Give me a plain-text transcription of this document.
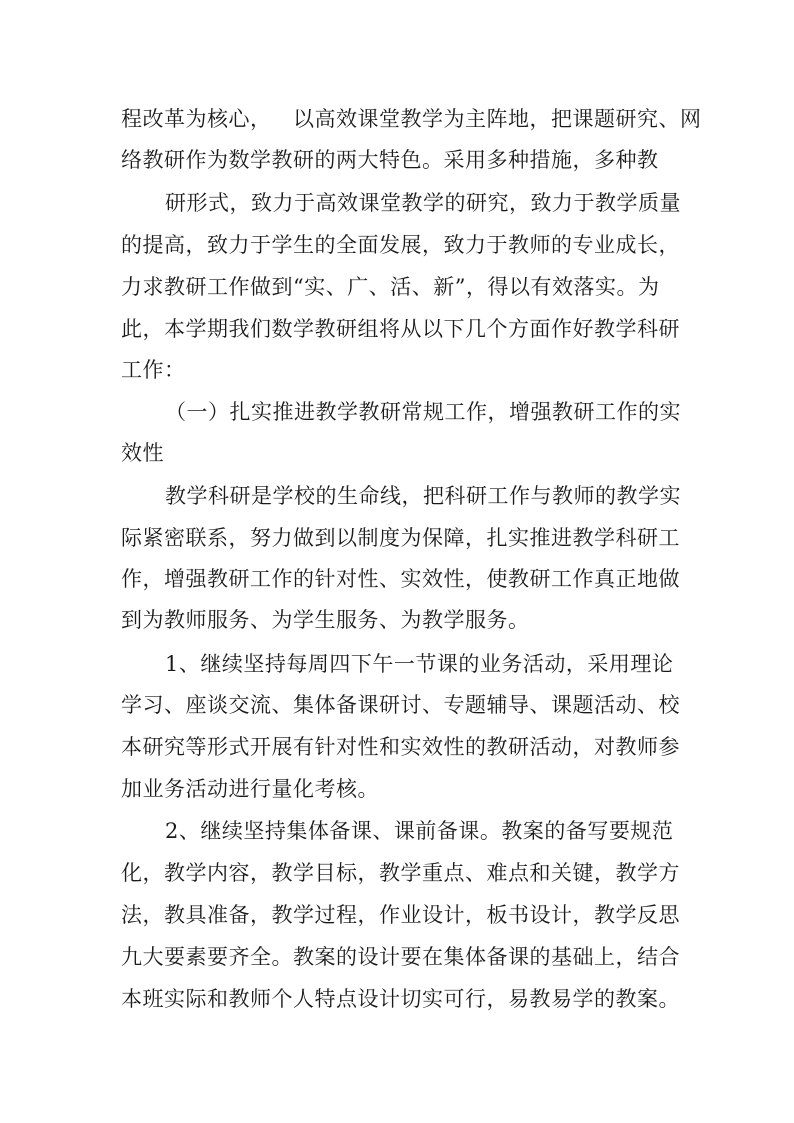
程改革为核心，   以高效课堂教学为主阵地，把课题研究、网
络教研作为数学教研的两大特色。采用多种措施，多种教
研形式，致力于高效课堂教学的研究，致力于教学质量
的提高，致力于学生的全面发展，致力于教师的专业成长，
力求教研工作做到“实、广、活、新”，得以有效落实。为
此，本学期我们数学教研组将从以下几个方面作好教学科研
工作：
（一）扎实推进教学教研常规工作，增强教研工作的实
效性
教学科研是学校的生命线，把科研工作与教师的教学实
际紧密联系，努力做到以制度为保障，扎实推进教学科研工
作，增强教研工作的针对性、实效性，使教研工作真正地做
到为教师服务、为学生服务、为教学服务。
1、继续坚持每周四下午一节课的业务活动，采用理论
学习、座谈交流、集体备课研讨、专题辅导、课题活动、校
本研究等形式开展有针对性和实效性的教研活动，对教师参
加业务活动进行量化考核。
2、继续坚持集体备课、课前备课。教案的备写要规范
化，教学内容，教学目标，教学重点、难点和关键，教学方
法，教具准备，教学过程，作业设计，板书设计，教学反思
九大要素要齐全。教案的设计要在集体备课的基础上，结合
本班实际和教师个人特点设计切实可行，易教易学的教案。
